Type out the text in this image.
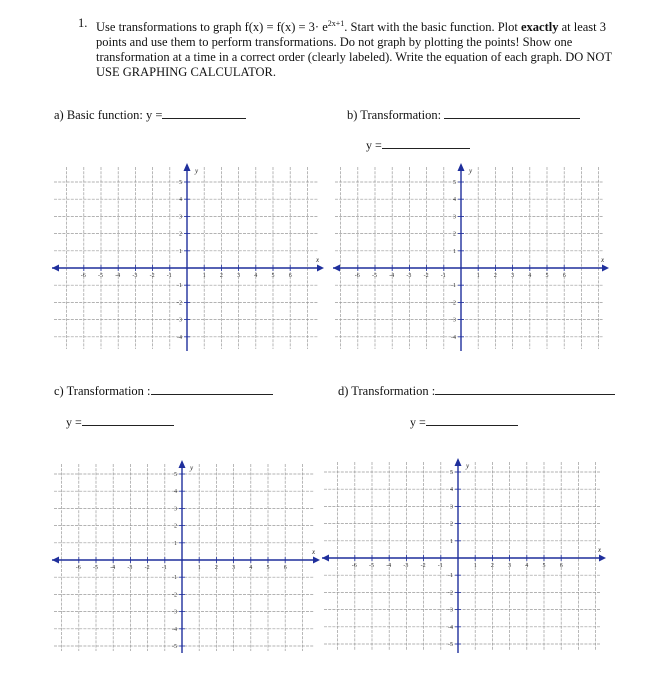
1. Use transformations to graph $f(x) = f(x) = 3\cdot e^{2x+1}$. Start with the basic function. Plot exactly at least 3 points and use them to perform transformations. Do not graph by plotting the points! Show one transformation at a time in a correct order (clearly labeled). Write the equation of each graph. DO NOT USE GRAPHING CALCULATOR.
a) Basic function: y =	b) Transformation:
y =
c) Transformation :
y =
d) Transformation :
y =
x
y
-6 -5 -4 -3 -2 -1	1 2 3 4 5 6
1
2
3
4
5
-1
-2
-3
-4
x
y
-6 -5 -4 -3 -2 -1	1 2 3 4 5 6
1
2
3
4
5
-1
-2
-3
-4
x
y
-6 -5 -4 -3 -2 -1	1 2 3 4 5 6
1
2
3
4
5
-1
-2
-3
-4
-5
x
y
-6 -5 -4 -3 -2 -1	1 2 3 4 5 6
1
2
3
4
5
-1
-2
-3
-4
-5
